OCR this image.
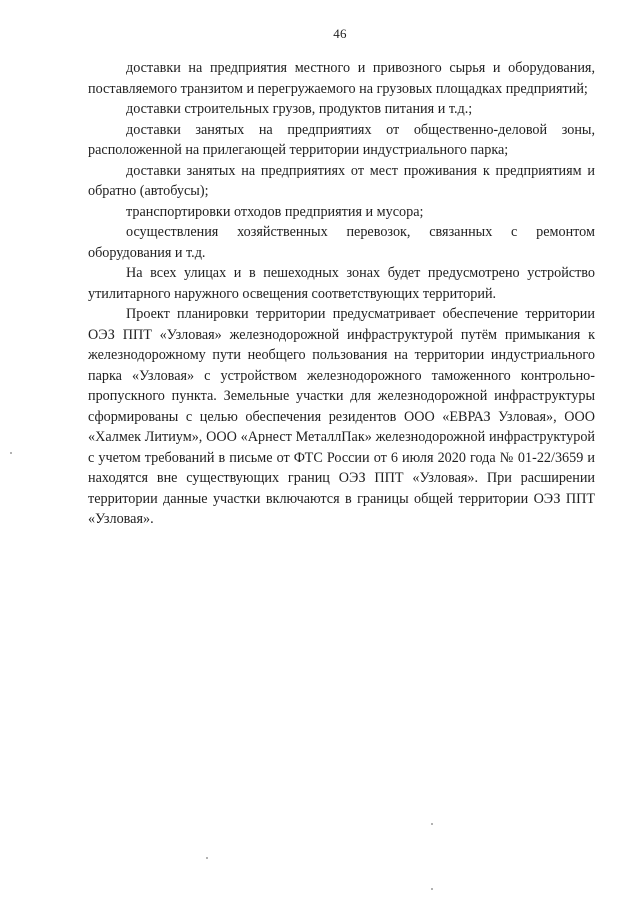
46

доставки на предприятия местного и привозного сырья и оборудования, поставляемого транзитом и перегружаемого на грузовых площадках предприятий;

доставки строительных грузов, продуктов питания и т.д.;

доставки занятых на предприятиях от общественно-деловой зоны, расположенной на прилегающей территории индустриального парка;

доставки занятых на предприятиях от мест проживания к предприятиям и обратно (автобусы);

транспортировки отходов предприятия и мусора;

осуществления хозяйственных перевозок, связанных с ремонтом оборудования и т.д.

На всех улицах и в пешеходных зонах будет предусмотрено устройство утилитарного наружного освещения соответствующих территорий.

Проект планировки территории предусматривает обеспечение территории ОЭЗ ППТ «Узловая» железнодорожной инфраструктурой путём примыкания к железнодорожному пути необщего пользования на территории индустриального парка «Узловая» с устройством железнодорожного таможенного контрольно-пропускного пункта. Земельные участки для железнодорожной инфраструктуры сформированы с целью обеспечения резидентов ООО «ЕВРАЗ Узловая», ООО «Халмек Литиум», ООО «Арнест МеталлПак» железнодорожной инфраструктурой с учетом требований в письме от ФТС России от 6 июля 2020 года № 01-22/3659 и находятся вне существующих границ ОЭЗ ППТ «Узловая». При расширении территории данные участки включаются в границы общей территории ОЭЗ ППТ «Узловая».
